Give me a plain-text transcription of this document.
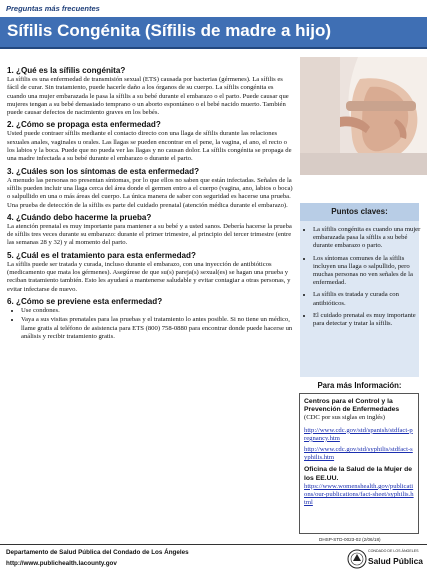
Preguntas más frecuentes
Sífilis Congénita (Sífilis de madre a hijo)
1. ¿Qué es la sífilis congénita?

La sífilis es una enfermedad de transmisión sexual (ETS) causada por bacterias (gérmenes). La sífilis es fácil de curar. Sin tratamiento, puede hacerle daño a los órganos de su cuerpo. La sífilis congénita es cuando una mujer embarazada le pasa la sífilis a su bebé durante el embarazo o el parto. Puede causar que mujeres tengan a su bebé demasiado temprano o un aborto espontáneo o el bebé nacido muerto. También puede causar defectos de nacimiento graves en los bebés.

2. ¿Cómo se propaga esta enfermedad?

Usted puede contraer sífilis mediante el contacto directo con una llaga de sífilis durante las relaciones sexuales anales, vaginales u orales. Las llagas se pueden encontrar en el pene, la vagina, el ano, el recto o los labios y la boca. Puede que no pueda ver las llagas y no causan dolor. La sífilis congénita se propaga de una madre infectada a su bebé durante el embarazo o durante el parto.

3. ¿Cuáles son los síntomas de esta enfermedad?

A menudo las personas no presentan síntomas, por lo que ellos no saben que están infectadas. Señales de la sífilis pueden incluir una llaga cerca del área donde el germen entro a el cuerpo (vagina, ano, labios o boca) o salpullido en una o más áreas del cuerpo. La única manera de saber con seguridad es hacerse una prueba. Una prueba de detección de la sífilis es parte del cuidado prenatal (atención médica durante el embarazo).

4. ¿Cuándo debo hacerme la prueba?

La atención prenatal es muy importante para mantener a su bebé y a usted sanos. Debería hacerse la prueba de sífilis tres veces durante su embarazo: durante el primer trimestre, al principio del tercer trimestre (entre las semanas 28 y 32) y al momento del parto.

5. ¿Cuál es el tratamiento para esta enfermedad?

La sífilis puede ser tratada y curada, incluso durante el embarazo, con una inyección de antibióticos (medicamento que mata los gérmenes). Asegúrese de que su(s) pareja(s) sexual(es) se hagan una prueba y reciban tratamiento también. Esto les ayudará a mantenerse saludable y evitar contagiar a otras personas, y evitar infectarse de nuevo.

6. ¿Cómo se previene esta enfermedad?
• Use condones.
• Vaya a sus visitas prenatales para las pruebas y el tratamiento lo antes posible. Si no tiene un médico, llame gratis al teléfono de asistencia para ETS (800) 758-0880 para encontrar donde puede hacerse un análisis y recibir tratamiento gratis.
Puntos claves:
• La sífilis congénita es cuando una mujer embarazada pasa la sífilis a su bebé durante embarazo o parto.
• Los síntomas comunes de la sífilis incluyen una llaga o salpullido, pero muchas personas no ven señales de la enfermedad.
• La sífilis es tratada y curada con antibióticos.
• El cuidado prenatal es muy importante para detectar y tratar la sífilis.
Para más Información:
Centros para el Control y la Prevención de Enfermedades
(CDC por sus siglas en inglés)
http://www.cdc.gov/std/spanish/stdfact-pregnancy.htm
http://www.cdc.gov/std/syphilis/stdfact-syphilis.htm
Oficina de la Salud de la Mujer de los EE.UU.
https://www.womenshealth.gov/publications/our-publications/fact-sheet/syphilis.html
DHSP-STD-0023-02 (2/06/18)
Departamento de Salud Pública del Condado de Los Ángeles
http://www.publichealth.lacounty.gov
CONDADO DE LOS ÁNGELES
Salud Pública
